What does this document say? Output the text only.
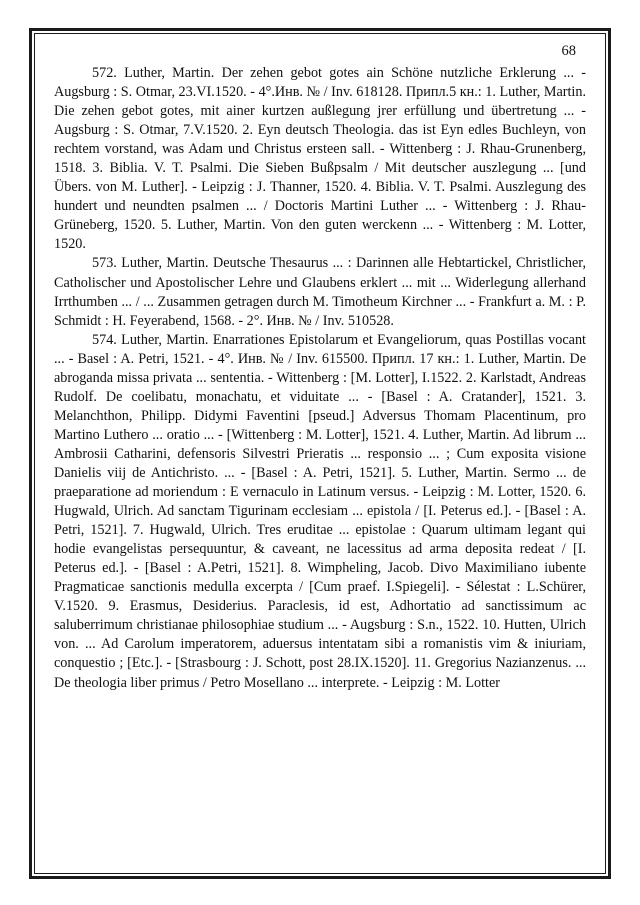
68

572. Luther, Martin. Der zehen gebot gotes ain Schöne nutzliche Erklerung ... - Augsburg : S. Otmar, 23.VI.1520. - 4°.Инв. № / Inv. 618128. Припл.5 кн.: 1. Luther, Martin. Die zehen gebot gotes, mit ainer kurtzen außlegung jrer erfüllung und übertretung ... - Augsburg : S. Otmar, 7.V.1520. 2. Eyn deutsch Theologia. das ist Eyn edles Buchleyn, von rechtem vorstand, was Adam und Christus ersteen sall. - Wittenberg : J. Rhau-Grunenberg, 1518. 3. Biblia. V. T. Psalmi. Die Sieben Bußpsalm / Mit deutscher auszlegung ... [und Übers. von M. Luther]. - Leipzig : J. Thanner, 1520. 4. Biblia. V. T. Psalmi. Auszlegung des hundert und neundten psalmen ... / Doctoris Martini Luther ... - Wittenberg : J. Rhau-Grüneberg, 1520. 5. Luther, Martin. Von den guten werckenn ... - Wittenberg : M. Lotter, 1520.

573. Luther, Martin. Deutsche Thesaurus ... : Darinnen alle Hebtartickel, Christlicher, Catholischer und Apostolischer Lehre und Glaubens erklert ... mit ... Widerlegung allerhand Irrthumben ... / ... Zusammen getragen durch M. Timotheum Kirchner ... - Frankfurt a. M. : P. Schmidt : H. Feyerabend, 1568. - 2°. Инв. № / Inv. 510528.

574. Luther, Martin. Enarrationes Epistolarum et Evangeliorum, quas Postillas vocant ... - Basel : A. Petri, 1521. - 4°. Инв. № / Inv. 615500. Припл. 17 кн.: 1. Luther, Martin. De abroganda missa privata ... sententia. - Wittenberg : [M. Lotter], I.1522. 2. Karlstadt, Andreas Rudolf. De coelibatu, monachatu, et viduitate ... - [Basel : A. Cratander], 1521. 3. Melanchthon, Philipp. Didymi Faventini [pseud.] Adversus Thomam Placentinum, pro Martino Luthero ... oratio ... - [Wittenberg : M. Lotter], 1521. 4. Luther, Martin. Ad librum ... Ambrosii Catharini, defensoris Silvestri Prieratis ... responsio ... ; Cum exposita visione Danielis viij de Antichristo. ... - [Basel : A. Petri, 1521]. 5. Luther, Martin. Sermo ... de praeparatione ad moriendum : E vernaculo in Latinum versus. - Leipzig : M. Lotter, 1520. 6. Hugwald, Ulrich. Ad sanctam Tigurinam ecclesiam ... epistola / [I. Peterus ed.]. - [Basel : A. Petri, 1521]. 7. Hugwald, Ulrich. Tres eruditae ... epistolae : Quarum ultimam legant qui hodie evangelistas persequuntur, & caveant, ne lacessitus ad arma deposita redeat / [I. Peterus ed.]. - [Basel : A.Petri, 1521]. 8. Wimpheling, Jacob. Divo Maximiliano iubente Pragmaticae sanctionis medulla excerpta / [Cum praef. I.Spiegeli]. - Sélestat : L.Schürer, V.1520. 9. Erasmus, Desiderius. Paraclesis, id est, Adhortatio ad sanctissimum ac saluberrimum christianae philosophiae studium ... - Augsburg : S.n., 1522. 10. Hutten, Ulrich von. ... Ad Carolum imperatorem, aduersus intentatam sibi a romanistis vim & iniuriam, conquestio ; [Etc.]. - [Strasbourg : J. Schott, post 28.IX.1520]. 11. Gregorius Nazianzenus. ... De theologia liber primus / Petro Mosellano ... interprete. - Leipzig : M. Lotter
